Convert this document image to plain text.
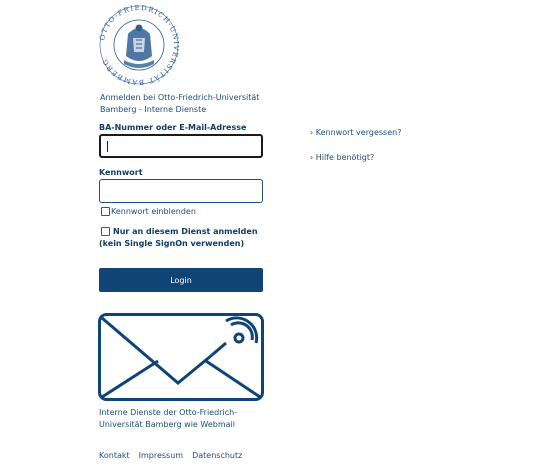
OTTO-FRIEDRICH-UNIVERSITÄT BAMBERG
Anmelden bei Otto-Friedrich-Universität Bamberg - Interne Dienste
BA-Nummer oder E-Mail-Adresse
Kennwort
Kennwort einblenden
Nur an diesem Dienst anmelden (kein Single SignOn verwenden)
Login
Interne Dienste der Otto-Friedrich-Universität Bamberg wie Webmail
Kontakt Impressum Datenschutz
› Kennwort vergessen?
› Hilfe benötigt?
